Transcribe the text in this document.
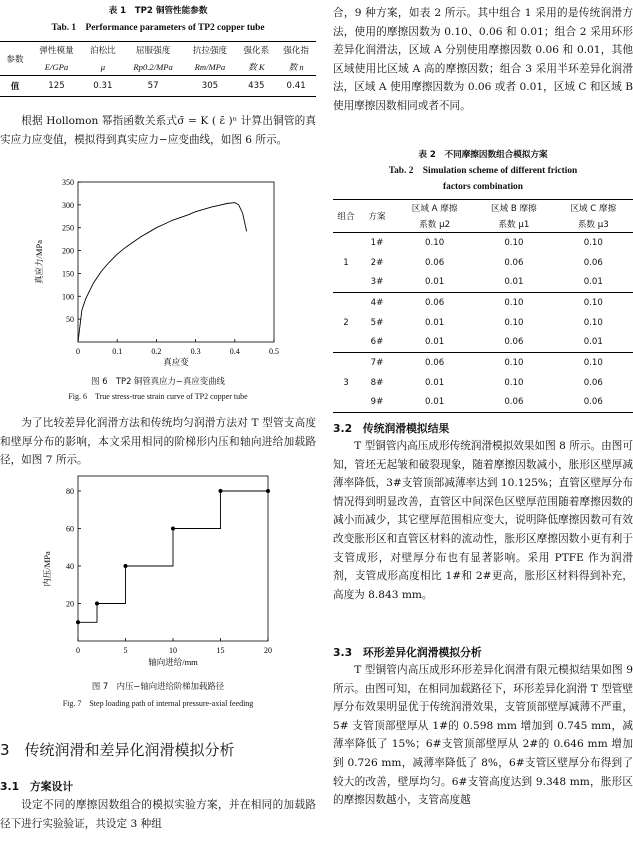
表 1　TP2 铜管性能参数

Tab. 1　Performance parameters of TP2 copper tube

参数	弹性模量	泊松比	屈服强度	抗拉强度	强化系	强化指
	E/GPa	μ	Rp0.2/MPa	Rm/MPa	数 K	数 n
值	125	0.31	57	305	435	0.41

根据 Hollomon 幂指函数关系式σ̄ = K ( ε̄ )ⁿ 计算出铜管的真实应力应变值，模拟得到真实应力−应变曲线，如图 6 所示。

0	0.1	0.2	0.3	0.4	0.5
50
100
150
200
250
300
350
真应变
真应力/MPa

图 6　TP2 铜管真应力−真应变曲线

Fig. 6　True stress-true strain curve of TP2 copper tube

为了比较差异化润滑方法和传统均匀润滑方法对 T 型管支高度和壁厚分布的影响，本文采用相同的阶梯形内压和轴向进给加载路径，如图 7 所示。

0	5	10	15	20
20
40
60
80
轴向进给/mm
内压/MPa

图 7　内压−轴向进给阶梯加载路径

Fig. 7　Step loading path of internal pressure-axial feeding

3　传统润滑和差异化润滑模拟分析

3.1　方案设计

设定不同的摩擦因数组合的模拟实验方案，并在相同的加载路径下进行实验验证，共设定 3 种组

合，9 种方案，如表 2 所示。其中组合 1 采用的是传统润滑方法，使用的摩擦因数为 0.10、0.06 和 0.01；组合 2 采用环形差异化润滑法，区域 A 分别使用摩擦因数 0.06 和 0.01，其他区域使用比区域 A 高的摩擦因数；组合 3 采用半环差异化润滑法，区域 A 使用摩擦因数为 0.06 或者 0.01，区域 C 和区域 B 使用摩擦因数相同或者不同。

表 2　不同摩擦因数组合模拟方案

Tab. 2　Simulation scheme of different friction

factors combination

组合	方案	区域 A 摩擦	区域 B 摩擦	区域 C 摩擦
		系数 μ2	系数 μ1	系数 μ3
1	1#	0.10	0.10	0.10
	2#	0.06	0.06	0.06
	3#	0.01	0.01	0.01
2	4#	0.06	0.10	0.10
	5#	0.01	0.10	0.10
	6#	0.01	0.06	0.01
3	7#	0.06	0.10	0.10
	8#	0.01	0.10	0.06
	9#	0.01	0.06	0.06

3.2　传统润滑模拟结果

T 型铜管内高压成形传统润滑模拟效果如图 8 所示。由图可知，管坯无起皱和破裂现象，随着摩擦因数减小，胀形区壁厚减薄率降低，3#支管顶部减薄率达到 10.125%；直管区壁厚分布情况得到明显改善，直管区中间深色区壁厚范围随着摩擦因数的减小而减少，其它壁厚范围相应变大，说明降低摩擦因数可有效改变胀形区和直管区材料的流动性，胀形区摩擦因数小更有利于支管成形，对壁厚分布也有显著影响。采用 PTFE 作为润滑剂，支管成形高度相比 1#和 2#更高，胀形区材料得到补充，高度为 8.843 mm。

3.3　环形差异化润滑模拟分析

T 型铜管内高压成形环形差异化润滑有限元模拟结果如图 9 所示。由图可知，在相同加载路径下，环形差异化润滑 T 型管壁厚分布效果明显优于传统润滑效果，支管顶部壁厚减薄不严重，5# 支管顶部壁厚从 1#的 0.598 mm 增加到 0.745 mm，减薄率降低了 15%；6#支管顶部壁厚从 2#的 0.646 mm 增加到 0.726 mm，减薄率降低了 8%，6#支管区壁厚分布得到了较大的改善，壁厚均匀。6#支管高度达到 9.348 mm，胀形区的摩擦因数越小，支管高度越
